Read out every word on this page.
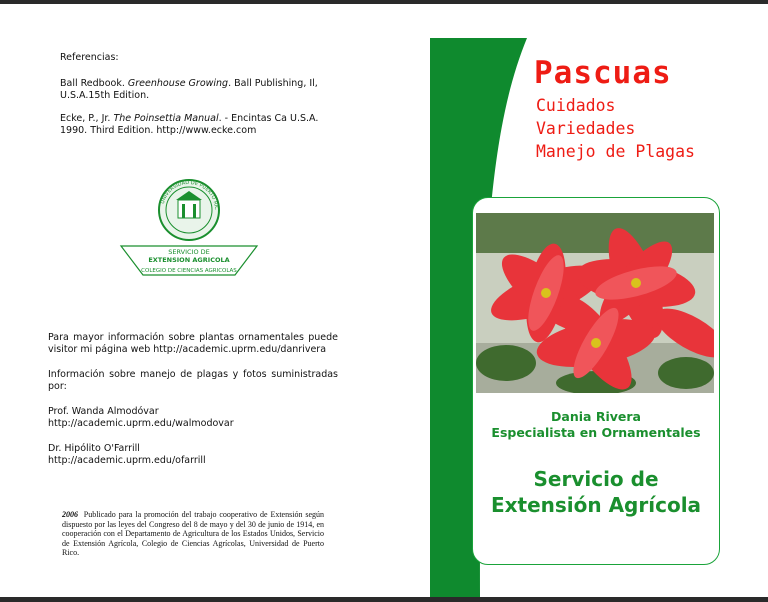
Referencias:

Ball Redbook. Greenhouse Growing. Ball Publishing, Il, U.S.A.15th Edition.

Ecke, P., Jr. The Poinsettia Manual. - Encintas Ca U.S.A. 1990. Third Edition. http://www.ecke.com

UNIVERSIDAD DE PUERTO RIC
SERVICIO DE
EXTENSION AGRICOLA
COLEGIO DE CIENCIAS AGRICOLAS

Para mayor información sobre plantas ornamentales puede visitor mi página web http://academic.uprm.edu/danrivera

Información sobre manejo de plagas y fotos suministradas por:

Prof. Wanda Almodóvar
http://academic.uprm.edu/walmodovar

Dr. Hipólito O'Farrill
http://academic.uprm.edu/ofarrill

2006 Publicado para la promoción del trabajo cooperativo de Extensión según dispuesto por las leyes del Congreso del 8 de mayo y del 30 de junio de 1914, en cooperación con el Departamento de Agricultura de los Estados Unidos, Servicio de Extensión Agrícola, Colegio de Ciencias Agrícolas, Universidad de Puerto Rico.
Pascuas
Cuidados
Variedades
Manejo de Plagas
Dania Rivera
Especialista en Ornamentales
Servicio de
Extensión Agrícola
